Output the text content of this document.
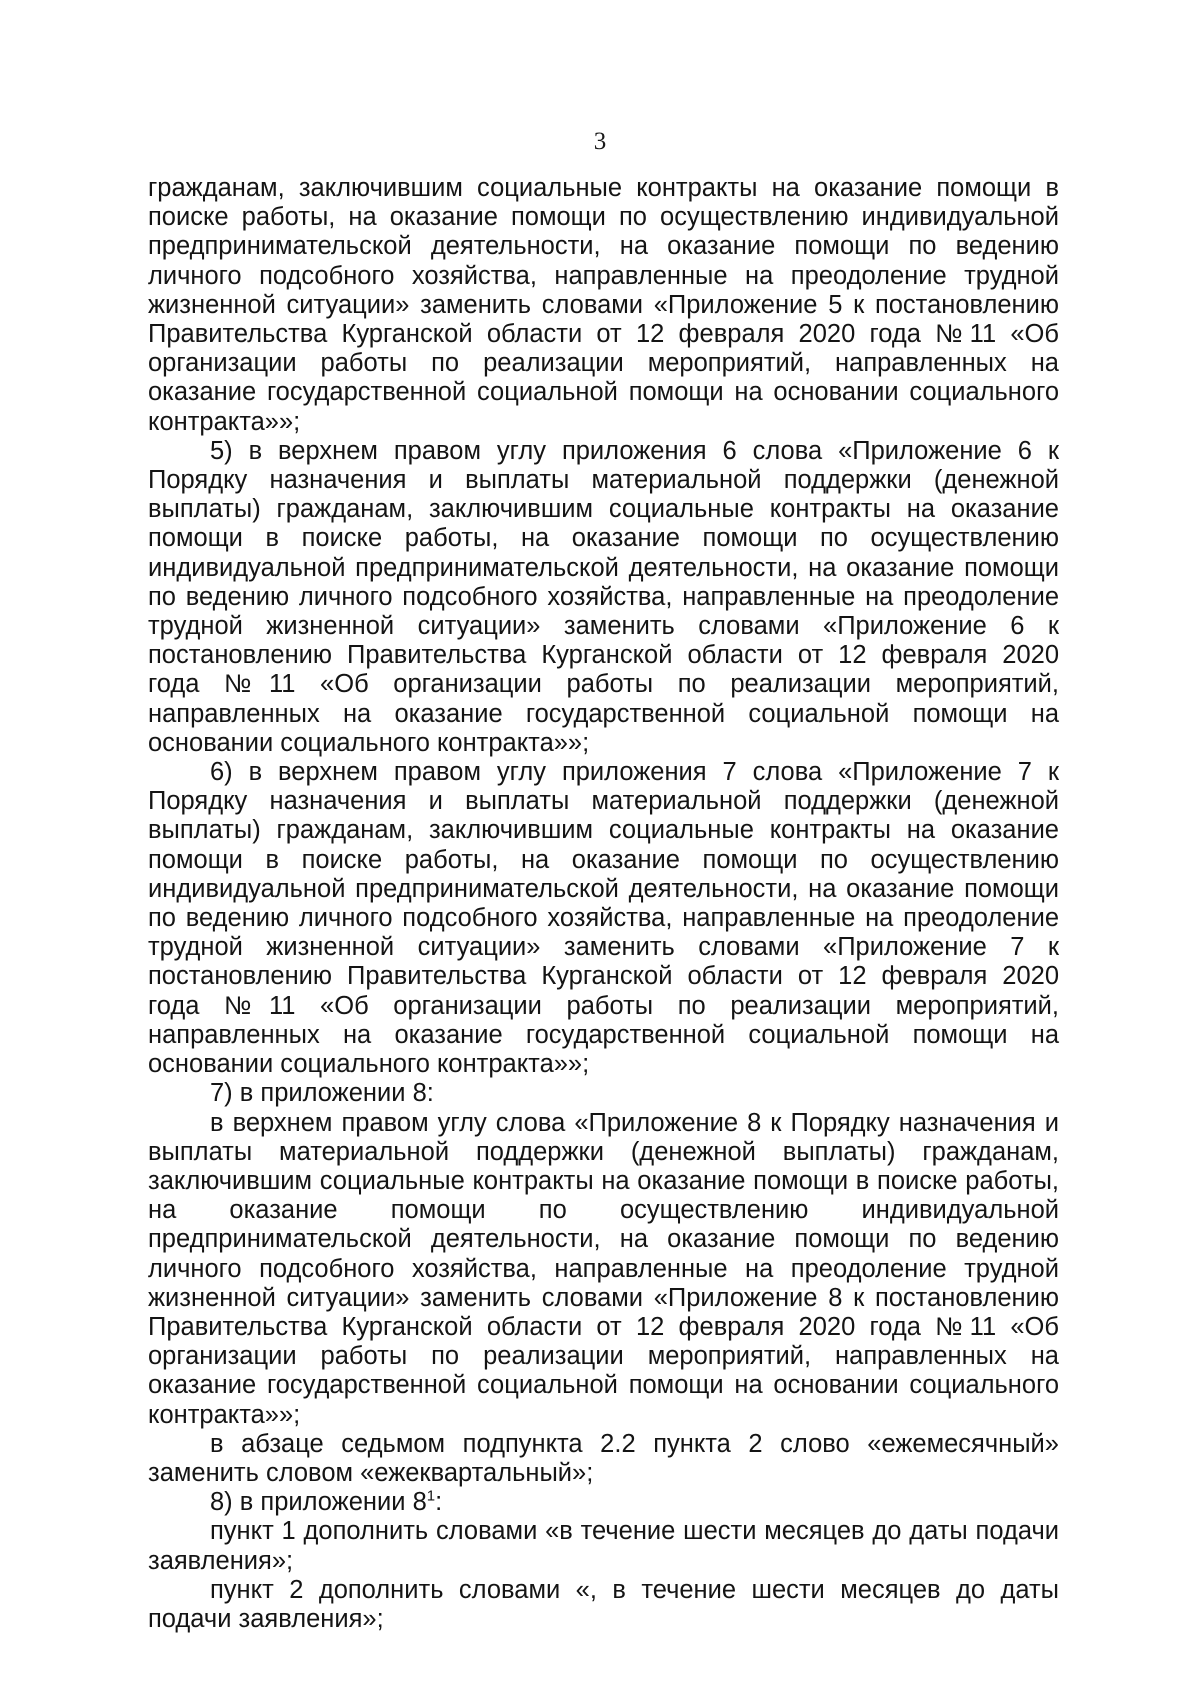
3

гражданам, заключившим социальные контракты на оказание помощи в поиске работы, на оказание помощи по осуществлению индивидуальной предпринимательской деятельности, на оказание помощи по ведению личного подсобного хозяйства, направленные на преодоление трудной жизненной ситуации» заменить словами «Приложение 5 к постановлению Правительства Курганской области от 12 февраля 2020 года №11 «Об организации работы по реализации мероприятий, направленных на оказание государственной социальной помощи на основании социального контракта»»;

5) в верхнем правом углу приложения 6 слова «Приложение 6 к Порядку назначения и выплаты материальной поддержки (денежной выплаты) гражданам, заключившим социальные контракты на оказание помощи в поиске работы, на оказание помощи по осуществлению индивидуальной предпринимательской деятельности, на оказание помощи по ведению личного подсобного хозяйства, направленные на преодоление трудной жизненной ситуации» заменить словами «Приложение 6 к постановлению Правительства Курганской области от 12 февраля 2020 года №11 «Об организации работы по реализации мероприятий, направленных на оказание государственной социальной помощи на основании социального контракта»»;

6) в верхнем правом углу приложения 7 слова «Приложение 7 к Порядку назначения и выплаты материальной поддержки (денежной выплаты) гражданам, заключившим социальные контракты на оказание помощи в поиске работы, на оказание помощи по осуществлению индивидуальной предпринимательской деятельности, на оказание помощи по ведению личного подсобного хозяйства, направленные на преодоление трудной жизненной ситуации» заменить словами «Приложение 7 к постановлению Правительства Курганской области от 12 февраля 2020 года №11 «Об организации работы по реализации мероприятий, направленных на оказание государственной социальной помощи на основании социального контракта»»;

7) в приложении 8:

в верхнем правом углу слова «Приложение 8 к Порядку назначения и выплаты материальной поддержки (денежной выплаты) гражданам, заключившим социальные контракты на оказание помощи в поиске работы, на оказание помощи по осуществлению индивидуальной предпринимательской деятельности, на оказание помощи по ведению личного подсобного хозяйства, направленные на преодоление трудной жизненной ситуации» заменить словами «Приложение 8 к постановлению Правительства Курганской области от 12 февраля 2020 года №11 «Об организации работы по реализации мероприятий, направленных на оказание государственной социальной помощи на основании социального контракта»»;

в абзаце седьмом подпункта 2.2 пункта 2 слово «ежемесячный» заменить словом «ежеквартальный»;

8) в приложении $8^1$:

пункт 1 дополнить словами «в течение шести месяцев до даты подачи заявления»;

пункт 2 дополнить словами «, в течение шести месяцев до даты подачи заявления»;
